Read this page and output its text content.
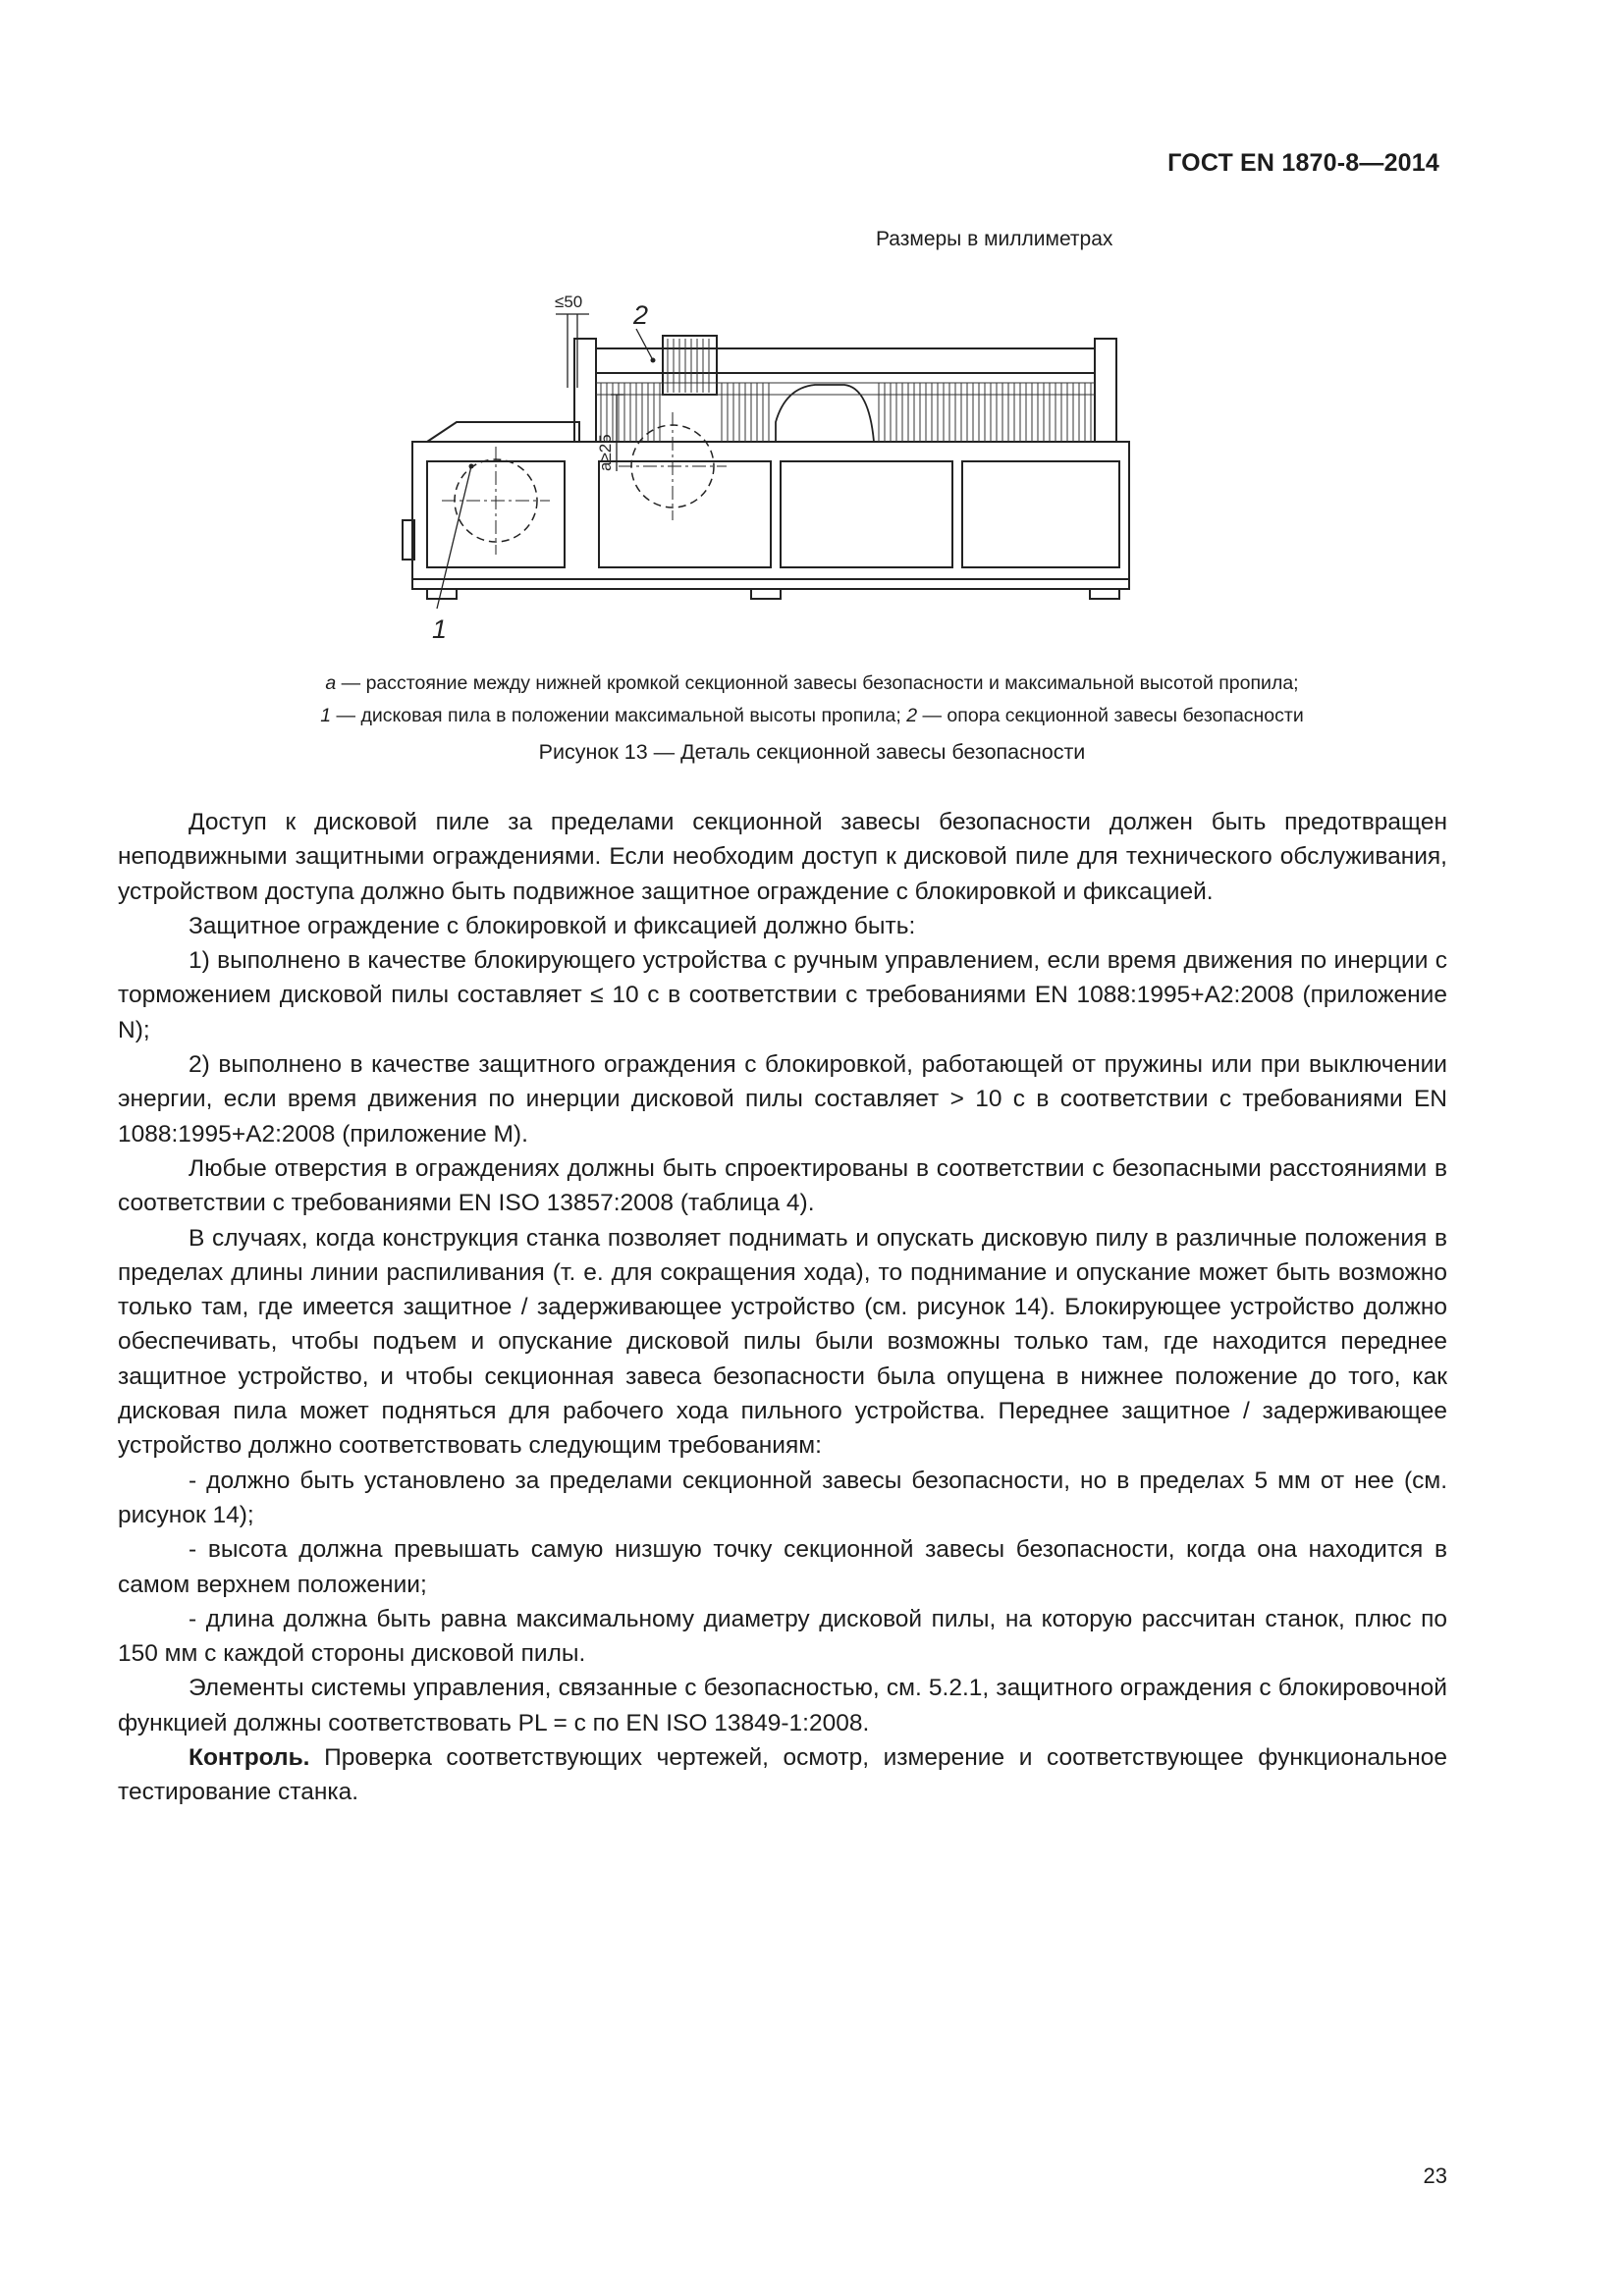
ГОСТ EN 1870-8—2014
Размеры в миллиметрах
≤50
a≥25
2
1
a — расстояние между нижней кромкой секционной завесы безопасности и максимальной высотой пропила;
1 — дисковая пила в положении максимальной высоты пропила; 2 — опора секционной завесы безопасности
Рисунок 13 — Деталь секционной завесы безопасности

Доступ к дисковой пиле за пределами секционной завесы безопасности должен быть предотвращен неподвижными защитными ограждениями. Если необходим доступ к дисковой пиле для технического обслуживания, устройством доступа должно быть подвижное защитное ограждение с блокировкой и фиксацией.

Защитное ограждение с блокировкой и фиксацией должно быть:

1) выполнено в качестве блокирующего устройства с ручным управлением, если время движения по инерции с торможением дисковой пилы составляет ≤ 10 с в соответствии с требованиями EN 1088:1995+A2:2008 (приложение N);

2) выполнено в качестве защитного ограждения с блокировкой, работающей от пружины или при выключении энергии, если время движения по инерции дисковой пилы составляет > 10 с в соответствии с требованиями EN 1088:1995+A2:2008 (приложение M).

Любые отверстия в ограждениях должны быть спроектированы в соответствии с безопасными расстояниями в соответствии с требованиями EN ISO 13857:2008 (таблица 4).

В случаях, когда конструкция станка позволяет поднимать и опускать дисковую пилу в различные положения в пределах длины линии распиливания (т. е. для сокращения хода), то поднимание и опускание может быть возможно только там, где имеется защитное / задерживающее устройство (см. рисунок 14). Блокирующее устройство должно обеспечивать, чтобы подъем и опускание дисковой пилы были возможны только там, где находится переднее защитное устройство, и чтобы секционная завеса безопасности была опущена в нижнее положение до того, как дисковая пила может подняться для рабочего хода пильного устройства. Переднее защитное / задерживающее устройство должно соответствовать следующим требованиям:

- должно быть установлено за пределами секционной завесы безопасности, но в пределах 5 мм от нее (см. рисунок 14);

- высота должна превышать самую низшую точку секционной завесы безопасности, когда она находится в самом верхнем положении;

- длина должна быть равна максимальному диаметру дисковой пилы, на которую рассчитан станок, плюс по 150 мм с каждой стороны дисковой пилы.

Элементы системы управления, связанные с безопасностью, см. 5.2.1, защитного ограждения с блокировочной функцией должны соответствовать PL = c по EN ISO 13849-1:2008.

Контроль. Проверка соответствующих чертежей, осмотр, измерение и соответствующее функциональное тестирование станка.

23
